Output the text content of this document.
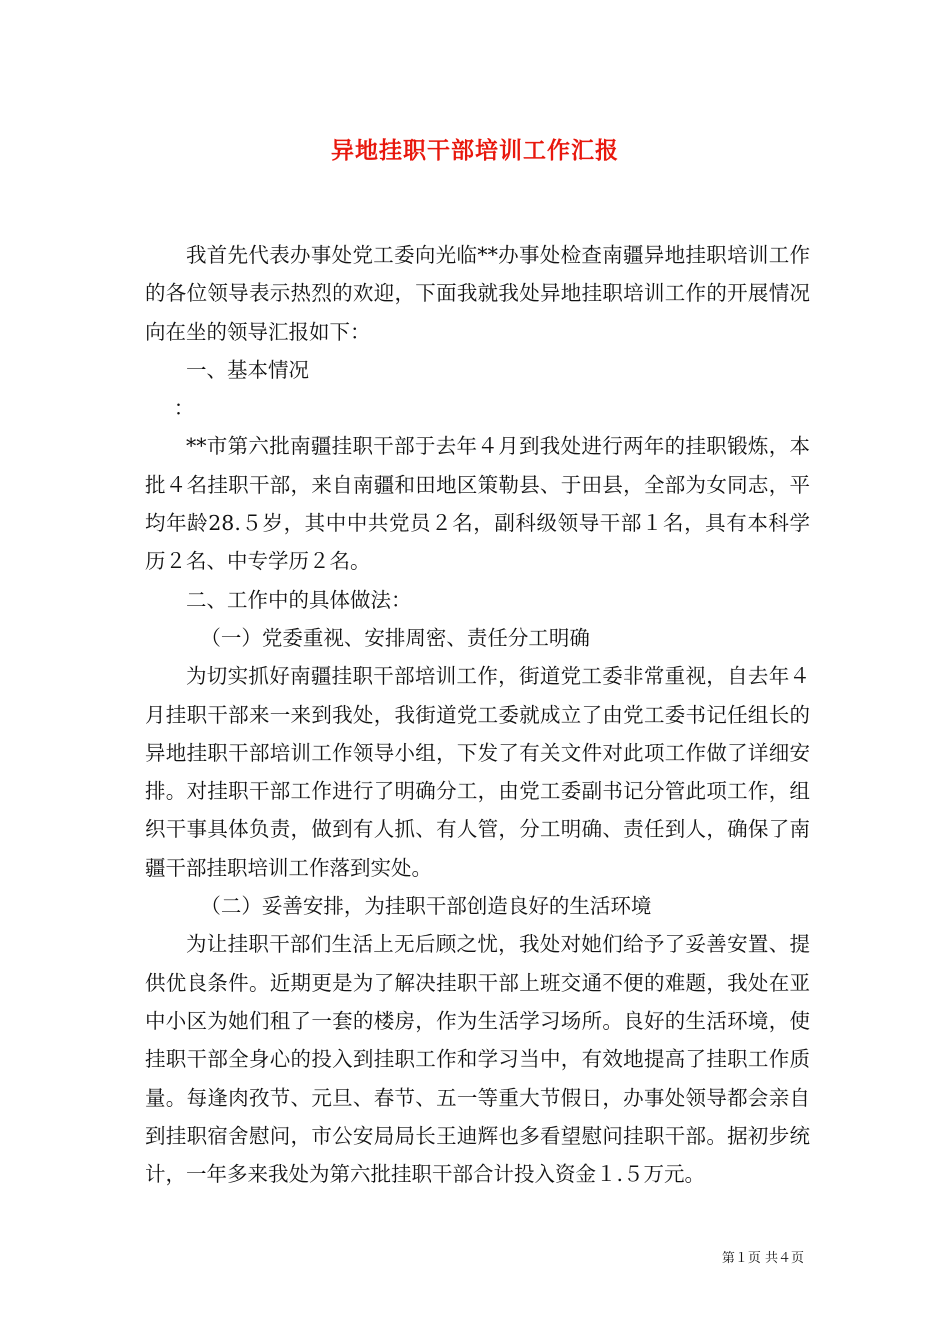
异地挂职干部培训工作汇报

我首先代表办事处党工委向光临**办事处检查南疆异地挂职培训工作的各位领导表示热烈的欢迎，下面我就我处异地挂职培训工作的开展情况向在坐的领导汇报如下：

一、基本情况

：

**市第六批南疆挂职干部于去年４月到我处进行两年的挂职锻炼，本批４名挂职干部，来自南疆和田地区策勒县、于田县，全部为女同志，平均年龄28.５岁，其中中共党员２名，副科级领导干部１名，具有本科学历２名、中专学历２名。

二、工作中的具体做法：

（一）党委重视、安排周密、责任分工明确

为切实抓好南疆挂职干部培训工作，街道党工委非常重视，自去年４月挂职干部来一来到我处，我街道党工委就成立了由党工委书记任组长的异地挂职干部培训工作领导小组，下发了有关文件对此项工作做了详细安排。对挂职干部工作进行了明确分工，由党工委副书记分管此项工作，组织干事具体负责，做到有人抓、有人管，分工明确、责任到人，确保了南疆干部挂职培训工作落到实处。

（二）妥善安排，为挂职干部创造良好的生活环境

为让挂职干部们生活上无后顾之忧，我处对她们给予了妥善安置、提供优良条件。近期更是为了解决挂职干部上班交通不便的难题，我处在亚中小区为她们租了一套的楼房，作为生活学习场所。良好的生活环境，使挂职干部全身心的投入到挂职工作和学习当中，有效地提高了挂职工作质量。每逢肉孜节、元旦、春节、五一等重大节假日，办事处领导都会亲自到挂职宿舍慰问，市公安局局长王迪辉也多看望慰问挂职干部。据初步统计，一年多来我处为第六批挂职干部合计投入资金１.５万元。

第１页 共４页
